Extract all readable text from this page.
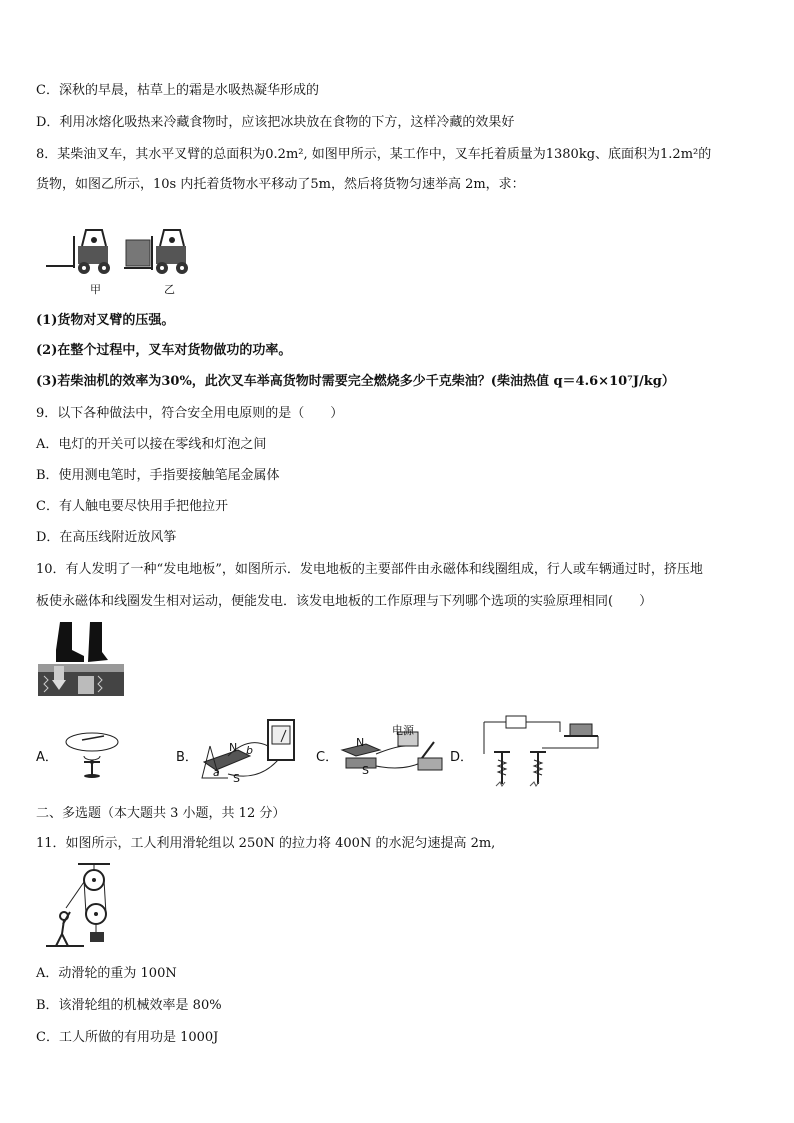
C．深秋的早晨，枯草上的霜是水吸热凝华形成的
D．利用冰熔化吸热来冷藏食物时，应该把冰块放在食物的下方，这样冷藏的效果好
8．某柴油叉车，其水平叉臂的总面积为0.2m², 如图甲所示，某工作中，叉车托着质量为1380kg、底面积为1.2m²的
货物，如图乙所示，10s 内托着货物水平移动了5m，然后将货物匀速举高 2m，求：
甲	乙
(1)货物对叉臂的压强。
(2)在整个过程中，叉车对货物做功的功率。
(3)若柴油机的效率为30%，此次叉车举高货物时需要完全燃烧多少千克柴油？(柴油热值 q＝4.6×10⁷J/kg）
9．以下各种做法中，符合安全用电原则的是（　　）
A．电灯的开关可以接在零线和灯泡之间
B．使用测电笔时，手指要接触笔尾金属体
C．有人触电要尽快用手把他拉开
D．在高压线附近放风筝
10．有人发明了一种“发电地板”，如图所示．发电地板的主要部件由永磁体和线圈组成，行人或车辆通过时，挤压地
板使永磁体和线圈发生相对运动，便能发电．该发电地板的工作原理与下列哪个选项的实验原理相同(　　）
A．	B．
N
S
a
b	C．
电源
N
S
D．
二、多选题（本大题共 3 小题，共 12 分）
11．如图所示，工人利用滑轮组以 250N 的拉力将 400N 的水泥匀速提高 2m,
A．动滑轮的重为 100N
B．该滑轮组的机械效率是 80%
C．工人所做的有用功是 1000J
